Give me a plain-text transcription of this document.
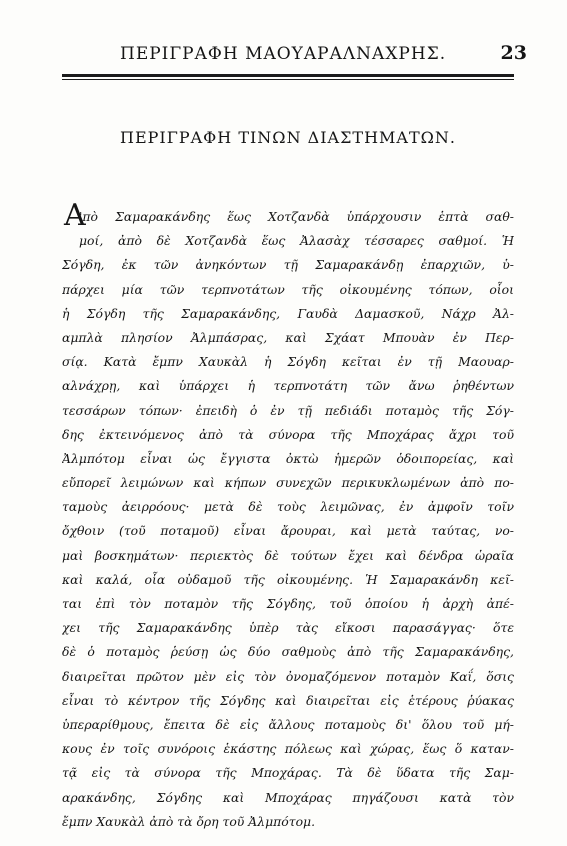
ΠΕΡΙΓΡΑΦΗ ΜΑΟΥΑΡΑΛΝΑΧΡΗΣ.	23
ΠΕΡΙΓΡΑΦΗ ΤΙΝΩΝ ΔΙΑΣΤΗΜΑΤΩΝ.
Α
'πὸ Σαμαρακάνδης ἕως Χοτζανδὰ ὑπάρχουσιν ἑπτὰ σαθ-
μοί, ἀπὸ δὲ Χοτζανδὰ ἕως Ἀλασὰχ τέσσαρες σαθμοί. Ἡ
Σόγδη, ἐκ τῶν ἀνηκόντων τῇ Σαμαρακάνδῃ ἐπαρχιῶν, ὑ-
πάρχει μία τῶν τερπνοτάτων τῆς οἰκουμένης τόπων, οἷοι
ἡ Σόγδη τῆς Σαμαρακάνδης, Γαυδὰ Δαμασκοῦ, Νάχρ Ἀλ-
αμπλὰ πλησίον Ἀλμπάσρας, καὶ Σχάατ Μπουὰν ἐν Περ-
σίᾳ. Κατὰ ἔμπν Χαυκὰλ ἡ Σόγδη κεῖται ἐν τῇ Μαουαρ-
αλνάχρῃ, καὶ ὑπάρχει ἡ τερπνοτάτη τῶν ἄνω ῥηθέντων
τεσσάρων τόπων· ἐπειδὴ ὁ ἐν τῇ πεδιάδι ποταμὸς τῆς Σόγ-
δης ἐκτεινόμενος ἀπὸ τὰ σύνορα τῆς Μποχάρας ἄχρι τοῦ
Ἀλμπότομ εἶναι ὡς ἔγγιστα ὀκτὼ ἡμερῶν ὁδοιπορείας, καὶ
εὔπορεῖ λειμώνων καὶ κήπων συνεχῶν περικυκλωμένων ἀπὸ πο-
ταμοὺς ἀειρρόους· μετὰ δὲ τοὺς λειμῶνας, ἐν ἀμφοῖν τοῖν
ὄχθοιν (τοῦ ποταμοῦ) εἶναι ἄρουραι, καὶ μετὰ ταύτας, νο-
μαὶ βοσκημάτων· περιεκτὸς δὲ τούτων ἔχει καὶ δένδρα ὡραῖα
καὶ καλά, οἷα οὐδαμοῦ τῆς οἰκουμένης. Ἡ Σαμαρακάνδη κεῖ-
ται ἐπὶ τὸν ποταμὸν τῆς Σόγδης, τοῦ ὁποίου ἡ ἀρχὴ ἀπέ-
χει τῆς Σαμαρακάνδης ὑπὲρ τὰς εἴκοσι παρασάγγας· ὅτε
δὲ ὁ ποταμὸς ῥεύσῃ ὡς δύο σαθμοὺς ἀπὸ τῆς Σαμαρακάνδης,
διαιρεῖται πρῶτον μὲν εἰς τὸν ὀνομαζόμενον ποταμὸν Καΐ, ὅσις
εἶναι τὸ κέντρον τῆς Σόγδης καὶ διαιρεῖται εἰς ἑτέρους ῥύακας
ὑπεραρίθμους, ἔπειτα δὲ εἰς ἄλλους ποταμοὺς δι' ὅλου τοῦ μή-
κους ἐν τοῖς συνόροις ἑκάστης πόλεως καὶ χώρας, ἕως ὅ καταν-
τᾷ εἰς τὰ σύνορα τῆς Μποχάρας. Τὰ δὲ ὕδατα τῆς Σαμ-
αρακάνδης, Σόγδης καὶ Μποχάρας πηγάζουσι κατὰ τὸν
ἔμπν Χαυκὰλ ἀπὸ τὰ ὄρη τοῦ Ἀλμπότομ.
